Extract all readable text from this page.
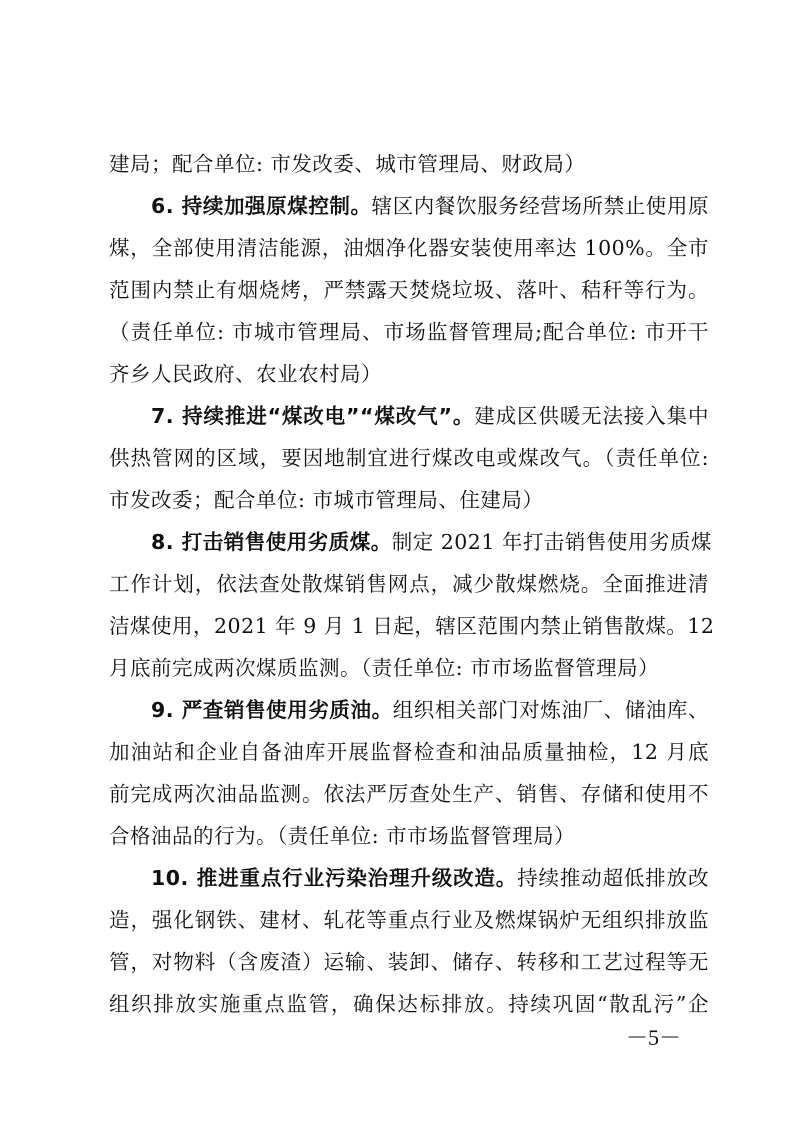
建局；配合单位: 市发改委、城市管理局、财政局）
6. 持续加强原煤控制。辖区内餐饮服务经营场所禁止使用原
煤，全部使用清洁能源，油烟净化器安装使用率达 100%。全市
范围内禁止有烟烧烤，严禁露天焚烧垃圾、落叶、秸秆等行为。
（责任单位: 市城市管理局、市场监督管理局;配合单位: 市开干
齐乡人民政府、农业农村局）
7. 持续推进“煤改电”“煤改气”。建成区供暖无法接入集中
供热管网的区域，要因地制宜进行煤改电或煤改气。（责任单位:
市发改委；配合单位: 市城市管理局、住建局）
8. 打击销售使用劣质煤。制定 2021 年打击销售使用劣质煤
工作计划，依法查处散煤销售网点，减少散煤燃烧。全面推进清
洁煤使用，2021 年 9 月 1 日起，辖区范围内禁止销售散煤。12
月底前完成两次煤质监测。（责任单位: 市市场监督管理局）
9. 严查销售使用劣质油。组织相关部门对炼油厂、储油库、
加油站和企业自备油库开展监督检查和油品质量抽检，12 月底
前完成两次油品监测。依法严厉查处生产、销售、存储和使用不
合格油品的行为。（责任单位: 市市场监督管理局）
10. 推进重点行业污染治理升级改造。持续推动超低排放改
造，强化钢铁、建材、轧花等重点行业及燃煤锅炉无组织排放监
管，对物料（含废渣）运输、装卸、储存、转移和工艺过程等无
组织排放实施重点监管，确保达标排放。持续巩固“散乱污”企
－5－
